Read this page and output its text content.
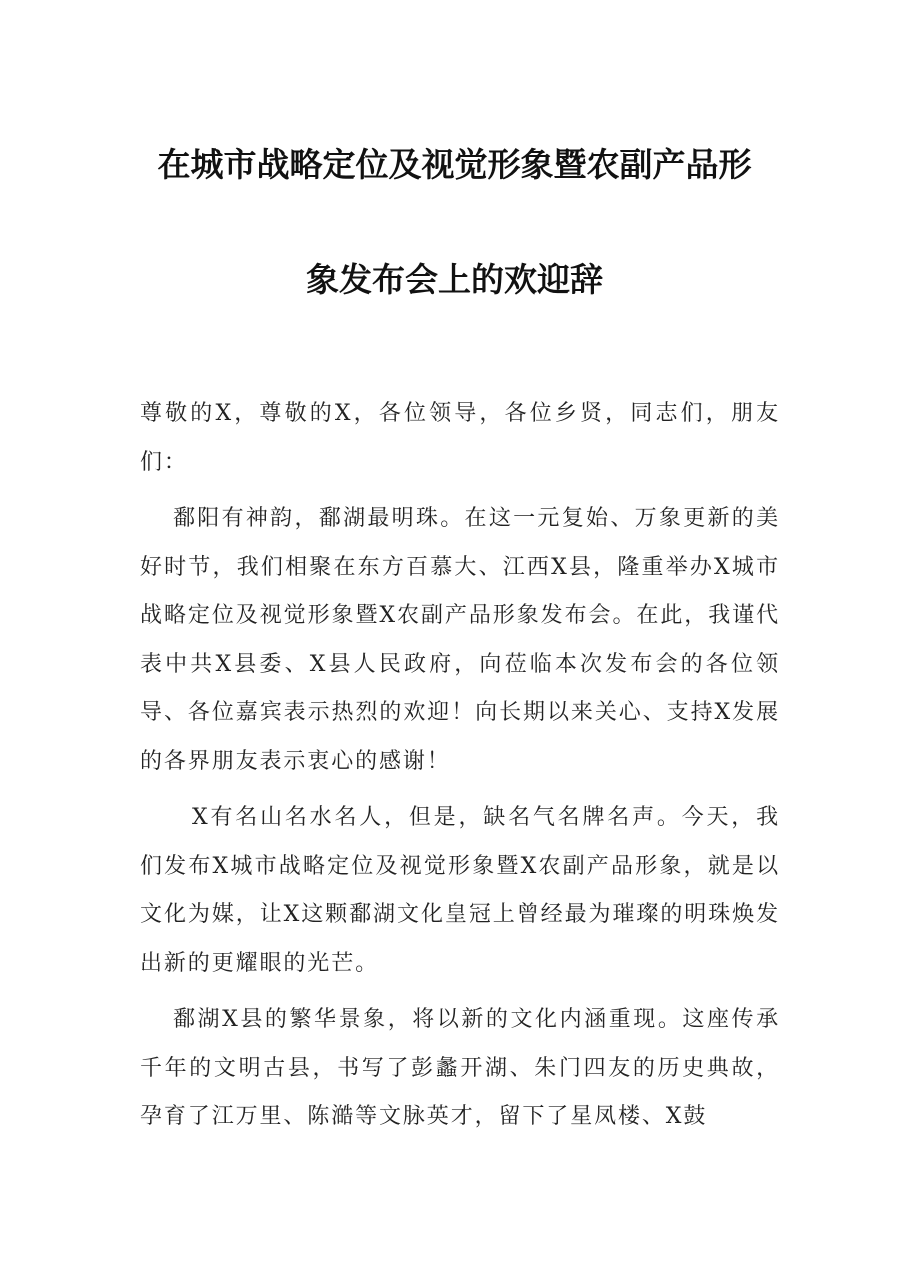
在城市战略定位及视觉形象暨农副产品形
象发布会上的欢迎辞

尊敬的X，尊敬的X，各位领导，各位乡贤，同志们，朋友们：

鄱阳有神韵，鄱湖最明珠。在这一元复始、万象更新的美好时节，我们相聚在东方百慕大、江西X县，隆重举办X城市战略定位及视觉形象暨X农副产品形象发布会。在此，我谨代表中共X县委、X县人民政府，向莅临本次发布会的各位领导、各位嘉宾表示热烈的欢迎！向长期以来关心、支持X发展的各界朋友表示衷心的感谢！

X有名山名水名人，但是，缺名气名牌名声。今天，我们发布X城市战略定位及视觉形象暨X农副产品形象，就是以文化为媒，让X这颗鄱湖文化皇冠上曾经最为璀璨的明珠焕发出新的更耀眼的光芒。

鄱湖X县的繁华景象，将以新的文化内涵重现。这座传承千年的文明古县，书写了彭蠡开湖、朱门四友的历史典故，孕育了江万里、陈澔等文脉英才，留下了星凤楼、X鼓
